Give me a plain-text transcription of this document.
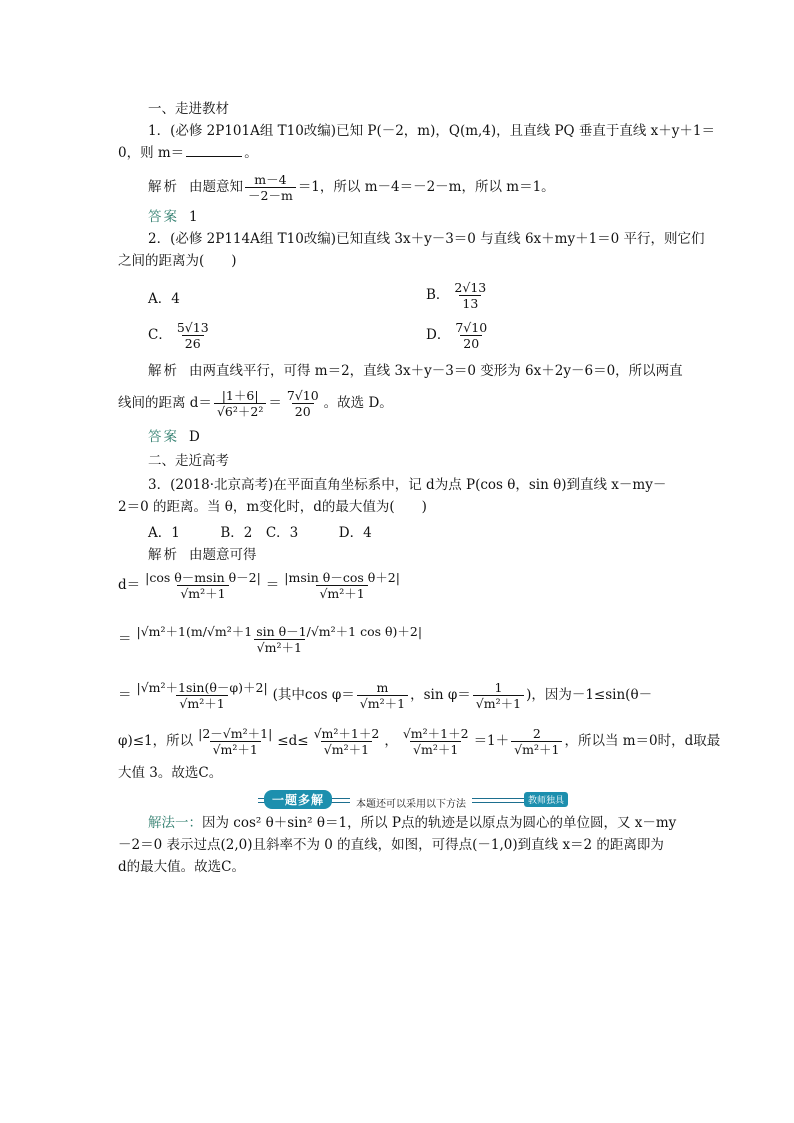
一、走进教材
1．(必修 2P101A组 T10改编)已知 P(－2，m)，Q(m,4)，且直线 PQ 垂直于直线 x＋y＋1＝
0，则 m＝	。
解析 由题意知 $\frac{m-4}{-2-m} =1$，所以 m－4＝－2－m，所以 m＝1。
答案 1
2．(必修 2P114A组 T10改编)已知直线 3x＋y－3＝0 与直线 6x＋my＋1＝0 平行，则它们
之间的距离为(　　)
A．4	B． $\frac{2√13}{13}$
C． $\frac{5√13}{26}$	D． $\frac{7√10}{20}$
解析 由两直线平行，可得 m＝2，直线 3x＋y－3＝0 变形为 6x＋2y－6＝0，所以两直
线间的距离 $d= \frac{|1+6|}{\text{√6²＋2²}} = \frac{7√10}{20}$ 。故选 D。
答案 D
二、走近高考
3．(2018·北京高考)在平面直角坐标系中，记 d为点 P(cos θ，sin θ)到直线 x－my－
2＝0 的距离。当 θ，m变化时，d的最大值为(　　)
A．1　　　B．2　C．3　　　D．4
解析 由题意可得
$d= \frac{\text{|cos θ－msin θ－2|}}{\text{√m²＋1}} = \frac{\text{|msin θ－cos θ＋2|}}{\text{√m²＋1}}$
＝ $\frac{\text{|√m²＋1(m/√m²＋1 sin θ－1/√m²＋1 cos θ)＋2|}}{\text{√m²＋1}}$
＝ $\frac{\text{|√m²＋1sin(θ－φ)＋2|}}{\text{√m²＋1}}$ (其中$\cos \varphi= \frac{m}{\text{√m²＋1}}$ ，$\sin \varphi= \frac{1}{\text{√m²＋1}}$ )，因为－1≤sin(θ－
φ)≤1，所以 $\frac{\text{|2－√m²＋1|}}{\text{√m²＋1}} \le d\le \frac{\text{√m²＋1＋2}}{\text{√m²＋1}}$ ， $\frac{\text{√m²＋1＋2}}{\text{√m²＋1}} =1+ \frac{2}{\text{√m²＋1}}$ ，所以当 m＝0时，d取最
大值 3。故选C。
一题多解	本题还可以采用以下方法	教师独具
解法一：因为 cos² θ＋sin² θ＝1，所以 P点的轨迹是以原点为圆心的单位圆，又 x－my
－2＝0 表示过点(2,0)且斜率不为 0 的直线，如图，可得点(－1,0)到直线 x＝2 的距离即为
d的最大值。故选C。
